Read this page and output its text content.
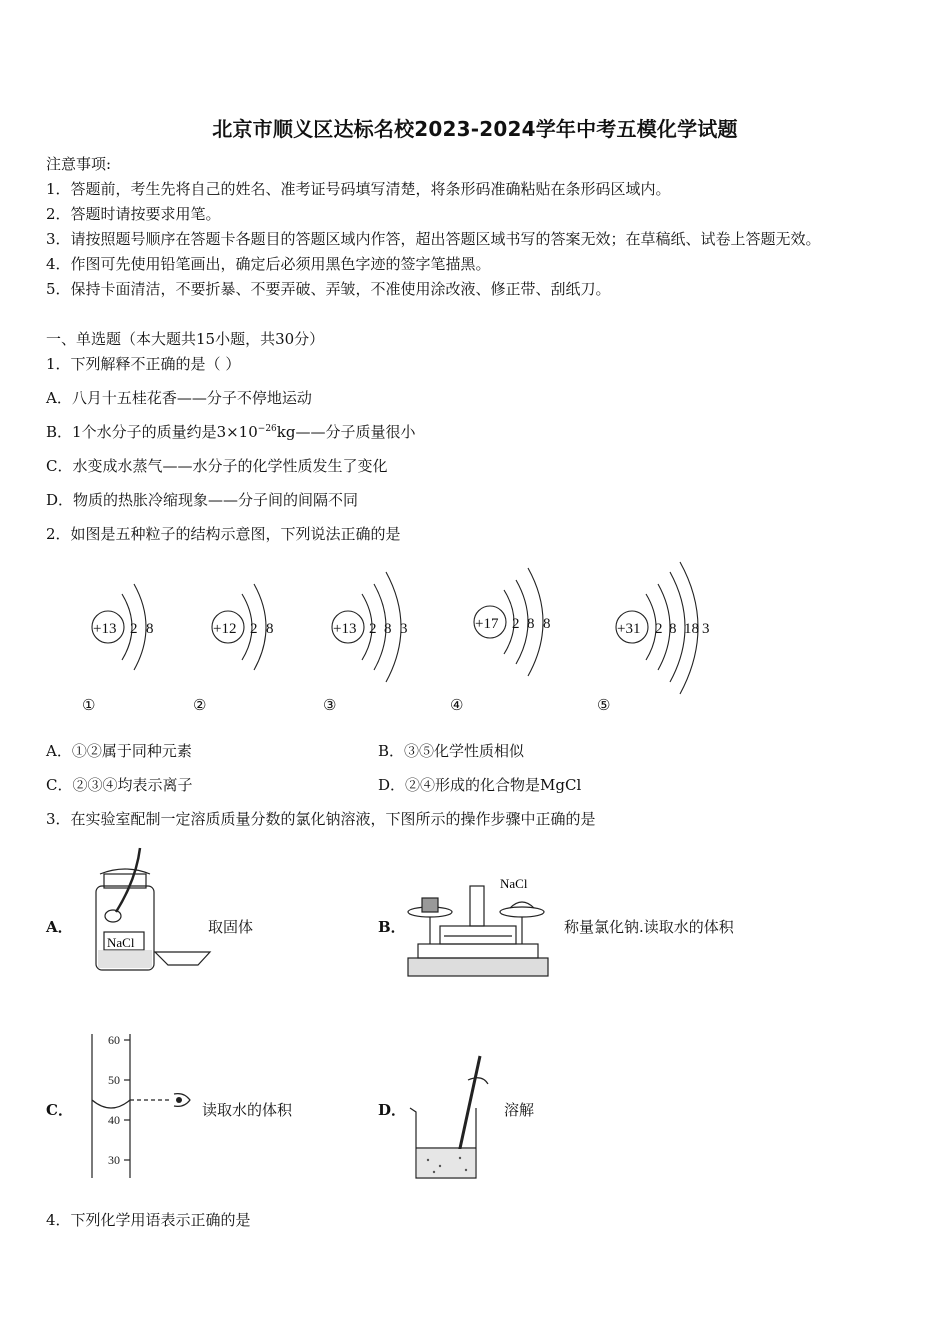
北京市顺义区达标名校2023-2024学年中考五模化学试题
注意事项:
1．答题前，考生先将自己的姓名、准考证号码填写清楚，将条形码准确粘贴在条形码区域内。
2．答题时请按要求用笔。
3．请按照题号顺序在答题卡各题目的答题区域内作答，超出答题区域书写的答案无效；在草稿纸、试卷上答题无效。
4．作图可先使用铅笔画出，确定后必须用黑色字迹的签字笔描黑。
5．保持卡面清洁，不要折暴、不要弄破、弄皱，不准使用涂改液、修正带、刮纸刀。
一、单选题（本大题共15小题，共30分）
1．下列解释不正确的是（ ）
A．八月十五桂花香——分子不停地运动
B．1个水分子的质量约是$3\times 10^{-26}kg——$分子质量很小
C．水变成水蒸气——水分子的化学性质发生了变化
D．物质的热胀冷缩现象——分子间的间隔不同
2．如图是五种粒子的结构示意图，下列说法正确的是
+13 2 8
①
+12 2 8
②
+13 2 8 3
③
+17 2 8 8
④
+31 2 8 18 3
⑤
A．①②属于同种元素	B．③⑤化学性质相似
C．②③④均表示离子	D．②④形成的化合物是MgCl
3．在实验室配制一定溶质质量分数的氯化钠溶液，下图所示的操作步骤中正确的是
A．
NaCl
取固体	B．
NaCl
称量氯化钠.读取水的体积
C．
60
50
40
30
读取水的体积	D．	溶解
4．下列化学用语表示正确的是
